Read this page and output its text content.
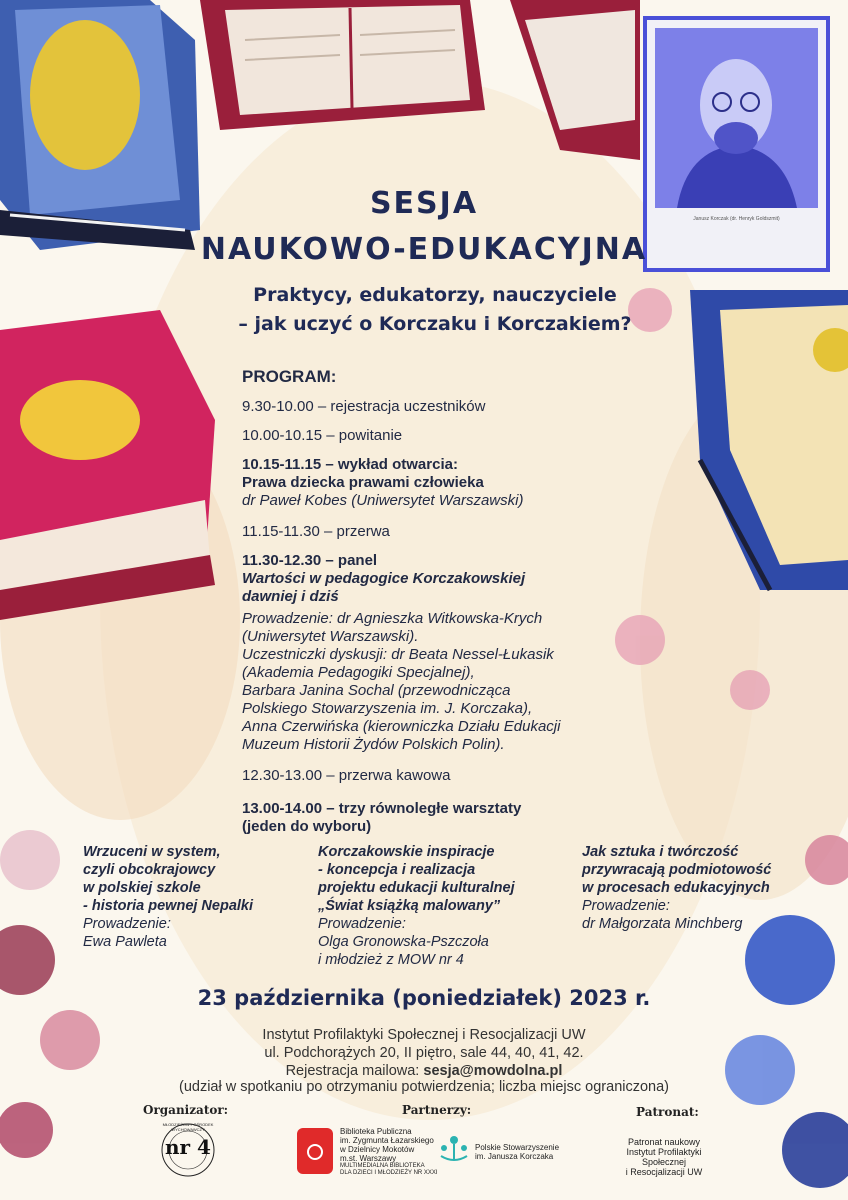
Janusz Korczak (dr. Henryk Goldszmit)
SESJA
NAUKOWO-EDUKACYJNA
Praktycy, edukatorzy, nauczyciele
– jak uczyć o Korczaku i Korczakiem?
PROGRAM:
9.30-10.00 – rejestracja uczestników
10.00-10.15 – powitanie
10.15-11.15 – wykład otwarcia:
Prawa dziecka prawami człowieka
dr Paweł Kobes (Uniwersytet Warszawski)
11.15-11.30 – przerwa
11.30-12.30 – panel
Wartości w pedagogice Korczakowskiej
dawniej i dziś
Prowadzenie: dr Agnieszka Witkowska-Krych
(Uniwersytet Warszawski).
Uczestniczki dyskusji: dr Beata Nessel-Łukasik
(Akademia Pedagogiki Specjalnej),
Barbara Janina Sochal (przewodnicząca
Polskiego Stowarzyszenia im. J. Korczaka),
Anna Czerwińska (kierowniczka Działu Edukacji
Muzeum Historii Żydów Polskich Polin).
12.30-13.00 – przerwa kawowa
13.00-14.00 – trzy równoległe warsztaty
(jeden do wyboru)
Wrzuceni w system,
czyli obcokrajowcy
w polskiej szkole
- historia pewnej Nepalki
Prowadzenie:
Ewa Pawleta
Korczakowskie inspiracje
- koncepcja i realizacja
projektu edukacji kulturalnej
„Świat książką malowany”
Prowadzenie:
Olga Gronowska-Pszczoła
i młodzież z MOW nr 4
Jak sztuka i twórczość
przywracają podmiotowość
w procesach edukacyjnych
Prowadzenie:
dr Małgorzata Minchberg
23 października (poniedziałek) 2023 r.
Instytut Profilaktyki Społecznej i Resocjalizacji UW
ul. Podchorążych 20, II piętro, sale 44, 40, 41, 42.
Rejestracja mailowa: sesja@mowdolna.pl
(udział w spotkaniu po otrzymaniu potwierdzenia; liczba miejsc ograniczona)
Organizator:
MŁODZIEŻOWY OŚRODEK WYCHOWAWCZY
nr 4
Partnerzy:
Biblioteka Publiczna
im. Zygmunta Łazarskiego
w Dzielnicy Mokotów
m.st. Warszawy
MULTIMEDIALNA BIBLIOTEKA
DLA DZIECI I MŁODZIEŻY NR XXXI
Polskie Stowarzyszenie
im. Janusza Korczaka
Patronat:
Patronat naukowy
Instytut Profilaktyki
Społecznej
i Resocjalizacji UW
